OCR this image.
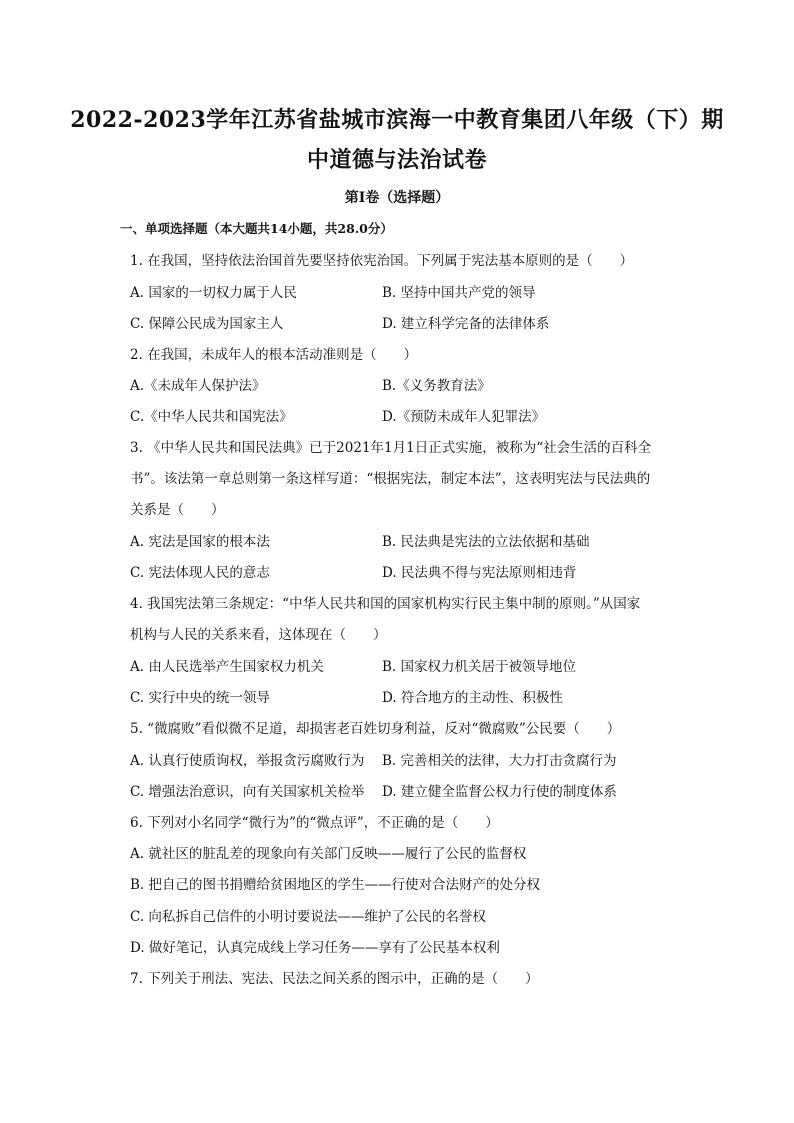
2022-2023学年江苏省盐城市滨海一中教育集团八年级（下）期
中道德与法治试卷
第Ⅰ卷（选择题）
一、单项选择题（本大题共14小题，共28.0分）
1. 在我国，坚持依法治国首先要坚持依宪治国。下列属于宪法基本原则的是（　　）
A. 国家的一切权力属于人民	B. 坚持中国共产党的领导
C. 保障公民成为国家主人	D. 建立科学完备的法律体系
2. 在我国，未成年人的根本活动准则是（　　）
A.《未成年人保护法》	B.《义务教育法》
C.《中华人民共和国宪法》	D.《预防未成年人犯罪法》
3. 《中华人民共和国民法典》已于2021年1月1日正式实施，被称为“社会生活的百科全
书”。该法第一章总则第一条这样写道：“根据宪法，制定本法”，这表明宪法与民法典的
关系是（　　）
A. 宪法是国家的根本法	B. 民法典是宪法的立法依据和基础
C. 宪法体现人民的意志	D. 民法典不得与宪法原则相违背
4. 我国宪法第三条规定：“中华人民共和国的国家机构实行民主集中制的原则。”从国家
机构与人民的关系来看，这体现在（　　）
A. 由人民选举产生国家权力机关	B. 国家权力机关居于被领导地位
C. 实行中央的统一领导	D. 符合地方的主动性、积极性
5. “微腐败”看似微不足道，却损害老百姓切身利益，反对“微腐败”公民要（　　）
A. 认真行使质询权，举报贪污腐败行为 B. 完善相关的法律，大力打击贪腐行为
C. 增强法治意识，向有关国家机关检举 D. 建立健全监督公权力行使的制度体系
6. 下列对小名同学“微行为”的“微点评”，不正确的是（　　）
A. 就社区的脏乱差的现象向有关部门反映——履行了公民的监督权
B. 把自己的图书捐赠给贫困地区的学生——行使对合法财产的处分权
C. 向私拆自己信件的小明讨要说法——维护了公民的名誉权
D. 做好笔记，认真完成线上学习任务——享有了公民基本权利
7. 下列关于刑法、宪法、民法之间关系的图示中，正确的是（　　）
